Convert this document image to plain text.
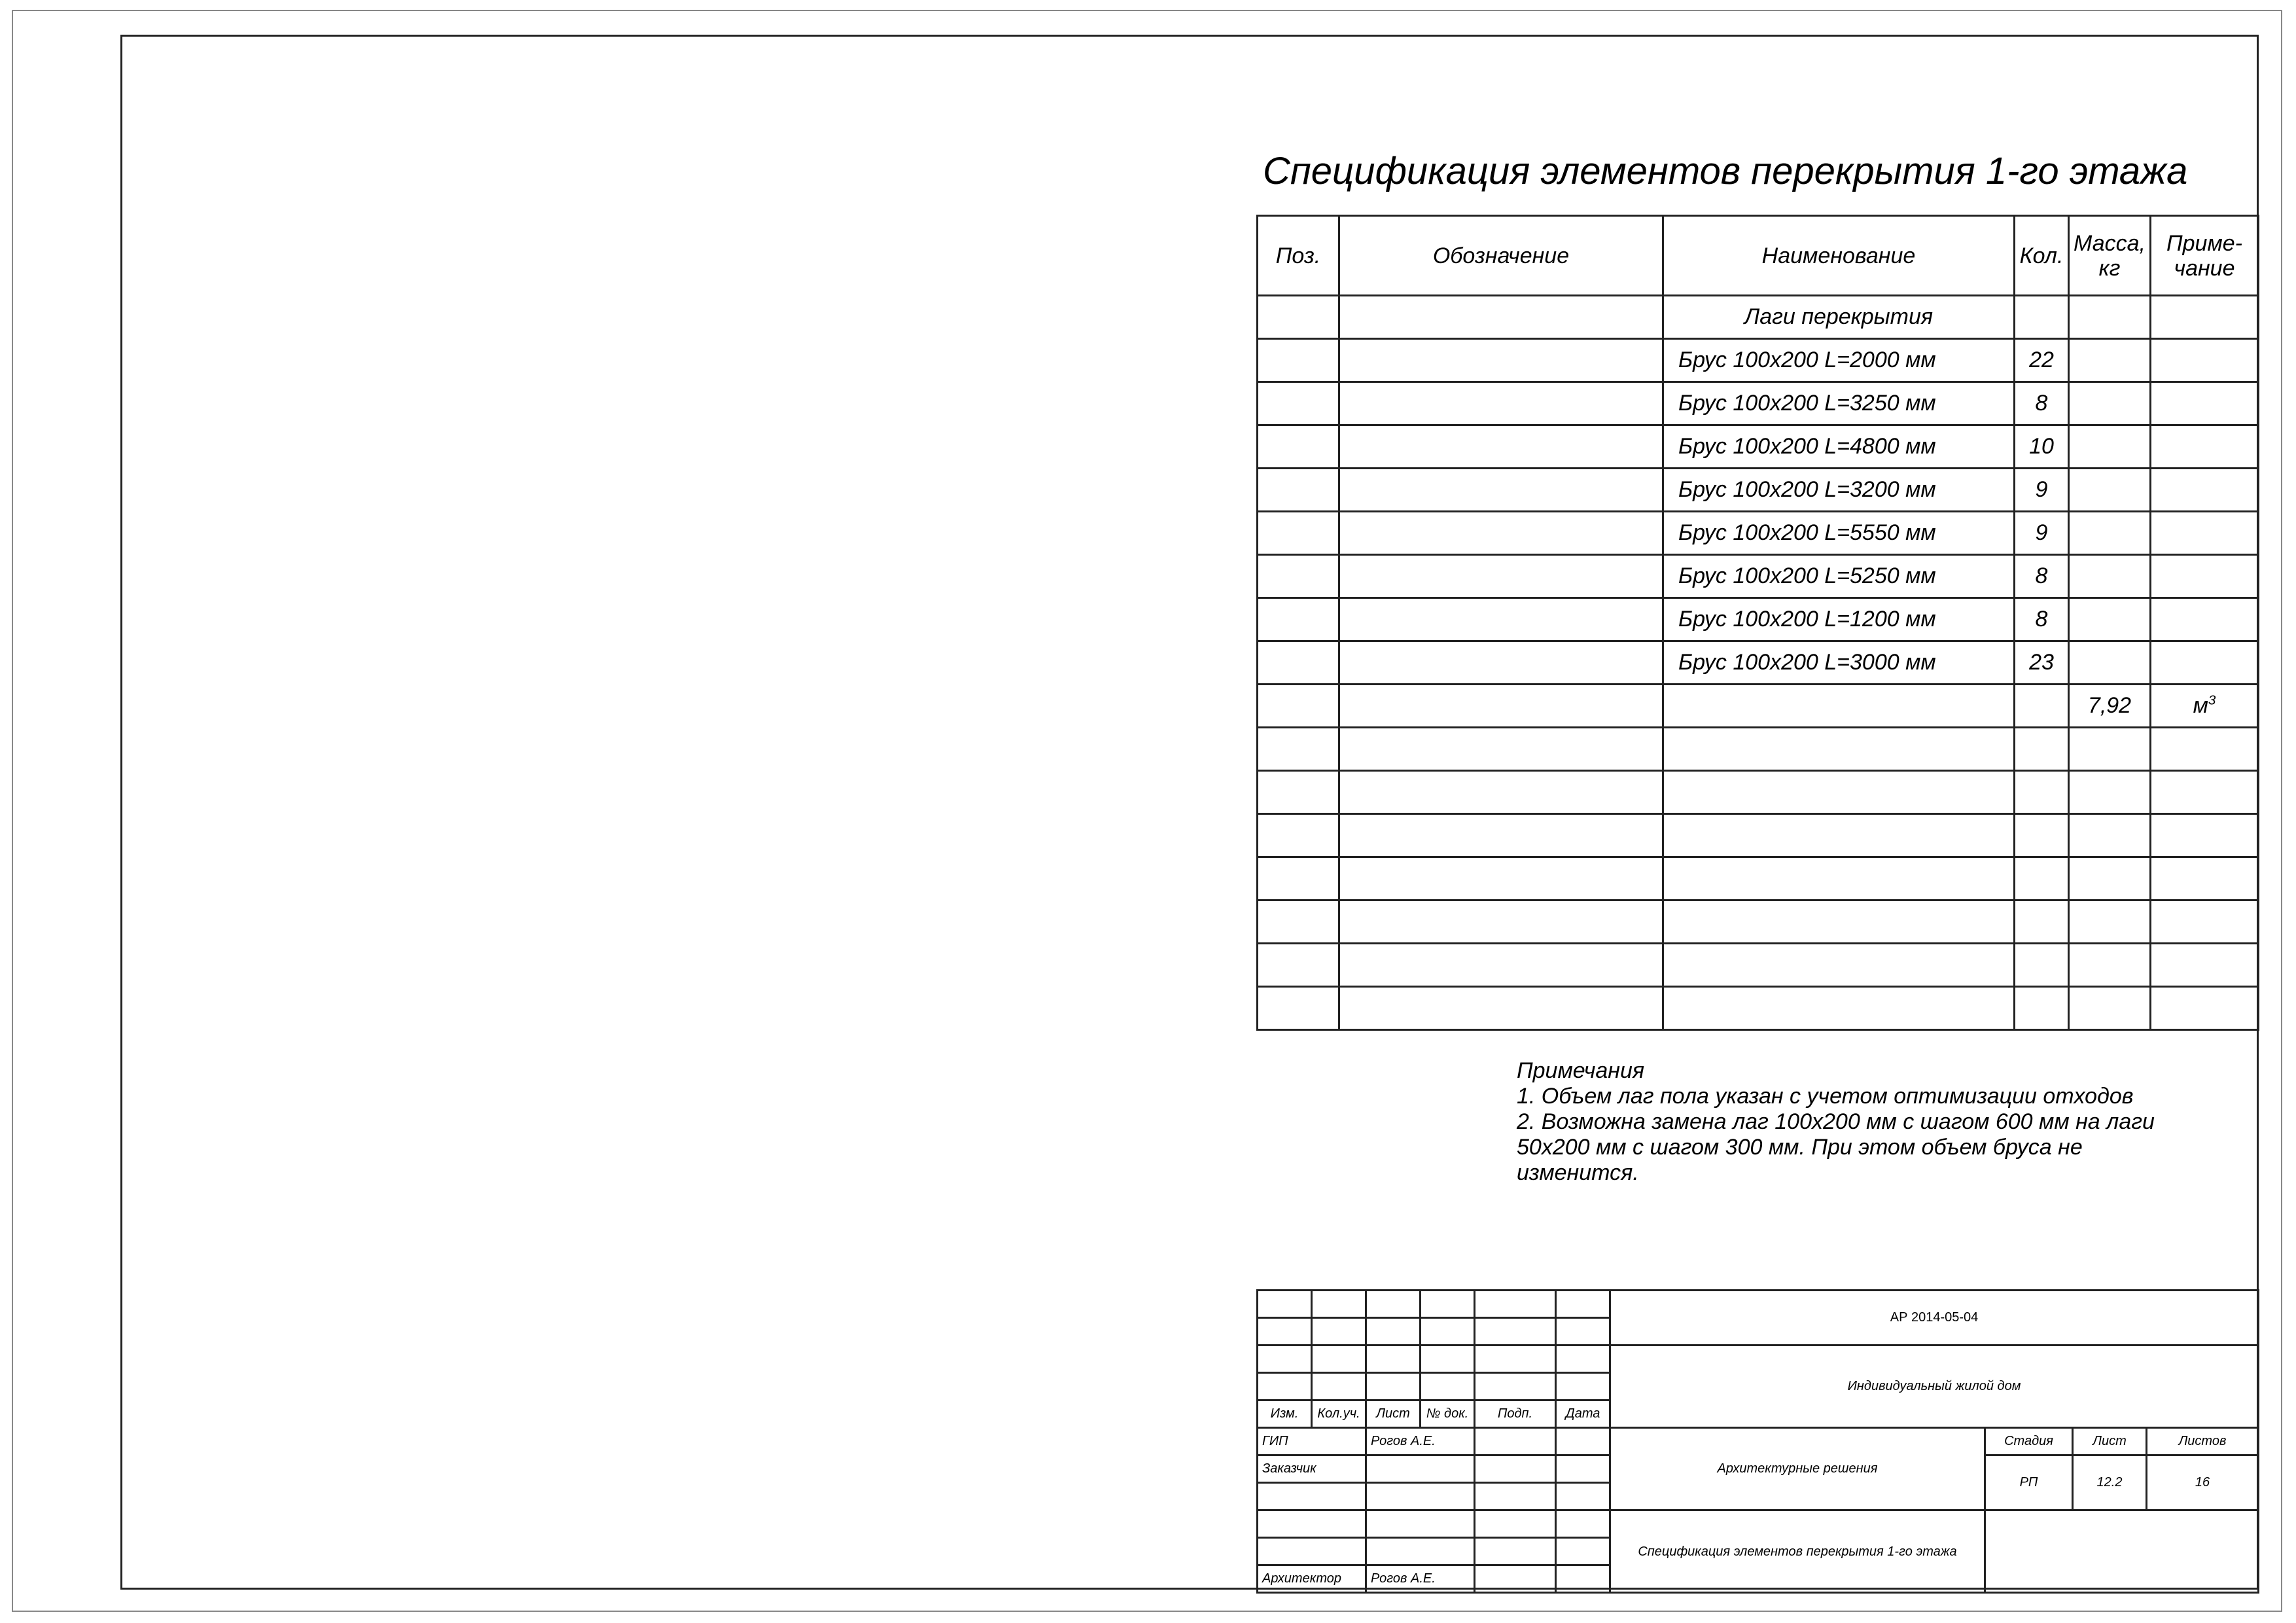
Спецификация элементов перекрытия 1-го этажа
Поз.	Обозначение	Наименование	Кол.	Масса, кг	Приме- чание
		Лаги перекрытия			
		Брус 100х200 L=2000 мм	22		
		Брус 100х200 L=3250 мм	8		
		Брус 100х200 L=4800 мм	10		
		Брус 100х200 L=3200 мм	9		
		Брус 100х200 L=5550 мм	9		
		Брус 100х200 L=5250 мм	8		
		Брус 100х200 L=1200 мм	8		
		Брус 100х200 L=3000 мм	23		
				7,92	$м^3$

Примечания
1. Объем лаг пола указан с учетом оптимизации отходов
2. Возможна замена лаг 100х200 мм с шагом 600 мм на лаги
50х200 мм с шагом 300 мм. При этом объем бруса не
изменится.
						АР 2014-05-04			

						Индивидуальный жилой дом			

Изм.	Кол.уч.	Лист	№ док.	Подп.	Дата				
ГИП		Рогов А.Е.				Архитектурные решения	Стадия	Лист	Листов
Заказчик							РП	12.2	16

						Спецификация элементов перекрытия 1-го этажа			

Архитектор		Рогов А.Е.							
